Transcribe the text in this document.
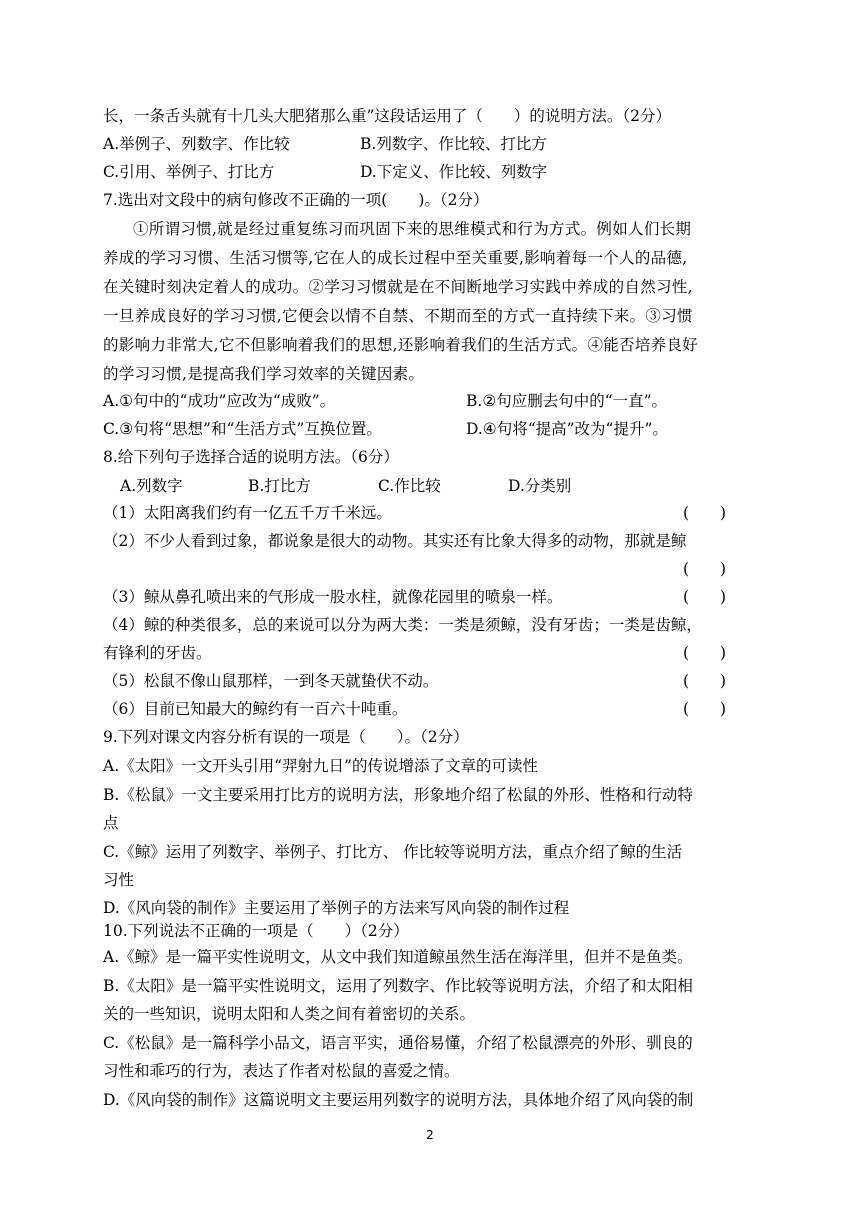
长，一条舌头就有十几头大肥猪那么重”这段话运用了（　　）的说明方法。（2分）
A.举例子、列数字、作比较	B.列数字、作比较、打比方
C.引用、举例子、打比方	D.下定义、作比较、列数字
7.选出对文段中的病句修改不正确的一项(　　)。（2分）
①所谓习惯,就是经过重复练习而巩固下来的思维模式和行为方式。例如人们长期
养成的学习习惯、生活习惯等,它在人的成长过程中至关重要,影响着每一个人的品德,
在关键时刻决定着人的成功。②学习习惯就是在不间断地学习实践中养成的自然习性,
一旦养成良好的学习习惯,它便会以情不自禁、不期而至的方式一直持续下来。③习惯
的影响力非常大,它不但影响着我们的思想,还影响着我们的生活方式。④能否培养良好
的学习习惯,是提高我们学习效率的关键因素。
A.①句中的“成功”应改为“成败”。	B.②句应删去句中的“一直”。
C.③句将“思想”和“生活方式”互换位置。	D.④句将“提高”改为“提升”。
8.给下列句子选择合适的说明方法。（6分）
A.列数字	B.打比方	C.作比较	D.分类别
（1）太阳离我们约有一亿五千万千米远。	(　　)
（2）不少人看到过象，都说象是很大的动物。其实还有比象大得多的动物，那就是鲸
(　　)
（3）鲸从鼻孔喷出来的气形成一股水柱，就像花园里的喷泉一样。	(　　)
（4）鲸的种类很多，总的来说可以分为两大类：一类是须鲸，没有牙齿；一类是齿鲸，
有锋利的牙齿。	(　　)
（5）松鼠不像山鼠那样，一到冬天就蛰伏不动。	(　　)
（6）目前已知最大的鲸约有一百六十吨重。	(　　)
9.下列对课文内容分析有误的一项是（　　）。（2分）
A.《太阳》一文开头引用“羿射九日”的传说增添了文章的可读性
B.《松鼠》一文主要采用打比方的说明方法，形象地介绍了松鼠的外形、性格和行动特
点
C.《鲸》运用了列数字、举例子、打比方、 作比较等说明方法，重点介绍了鲸的生活
习性
D.《风向袋的制作》主要运用了举例子的方法来写风向袋的制作过程
10.下列说法不正确的一项是（　　）（2分）
A.《鲸》是一篇平实性说明文，从文中我们知道鲸虽然生活在海洋里，但并不是鱼类。
B.《太阳》是一篇平实性说明文，运用了列数字、作比较等说明方法，介绍了和太阳相
关的一些知识，说明太阳和人类之间有着密切的关系。
C.《松鼠》是一篇科学小品文，语言平实，通俗易懂，介绍了松鼠漂亮的外形、驯良的
习性和乖巧的行为，表达了作者对松鼠的喜爱之情。
D.《风向袋的制作》这篇说明文主要运用列数字的说明方法，具体地介绍了风向袋的制
2
